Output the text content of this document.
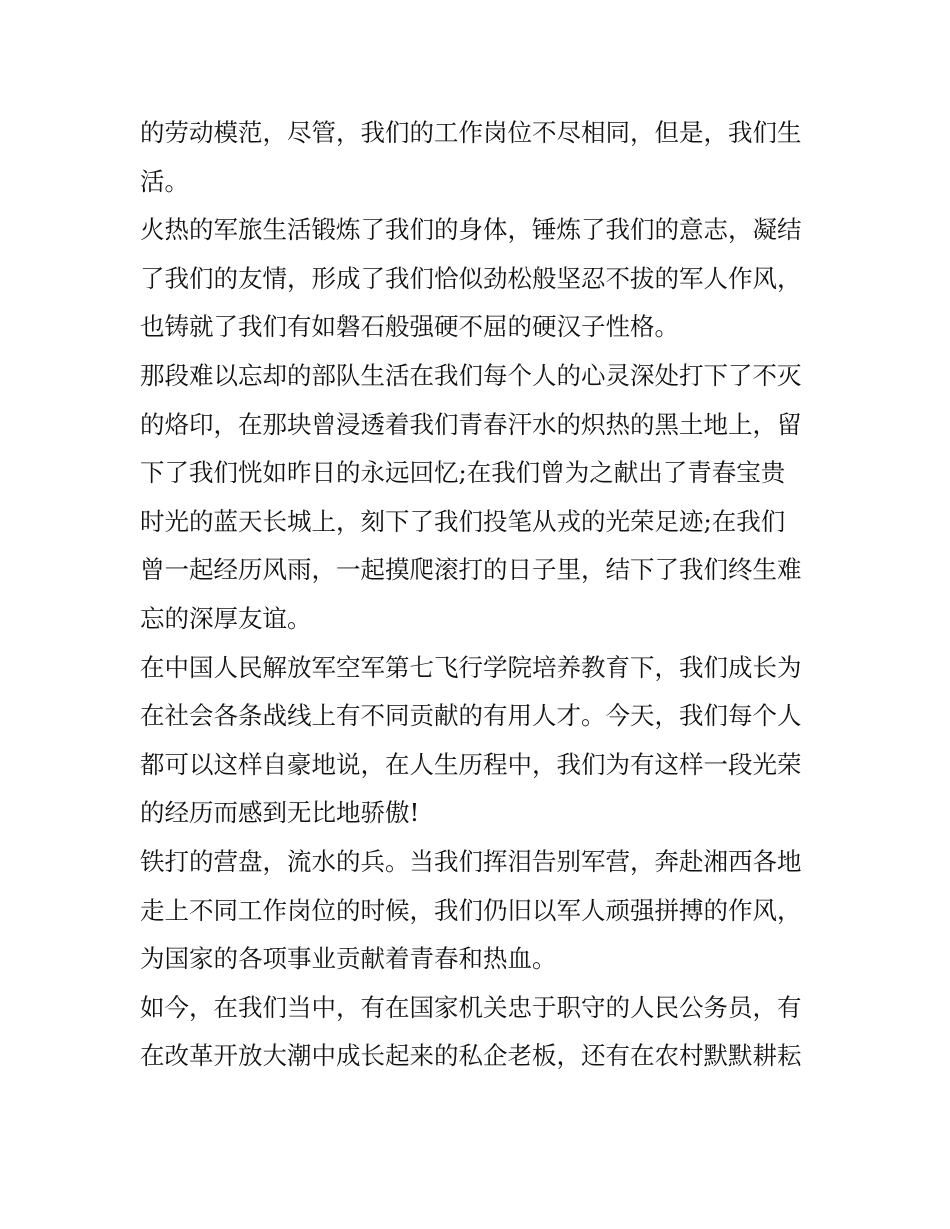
的劳动模范，尽管，我们的工作岗位不尽相同，但是，我们生
活。
火热的军旅生活锻炼了我们的身体，锤炼了我们的意志，凝结
了我们的友情，形成了我们恰似劲松般坚忍不拔的军人作风，
也铸就了我们有如磐石般强硬不屈的硬汉子性格。
那段难以忘却的部队生活在我们每个人的心灵深处打下了不灭
的烙印，在那块曾浸透着我们青春汗水的炽热的黑土地上，留
下了我们恍如昨日的永远回忆;在我们曾为之献出了青春宝贵
时光的蓝天长城上，刻下了我们投笔从戎的光荣足迹;在我们
曾一起经历风雨，一起摸爬滚打的日子里，结下了我们终生难
忘的深厚友谊。
在中国人民解放军空军第七飞行学院培养教育下，我们成长为
在社会各条战线上有不同贡献的有用人才。今天，我们每个人
都可以这样自豪地说，在人生历程中，我们为有这样一段光荣
的经历而感到无比地骄傲!
铁打的营盘，流水的兵。当我们挥泪告别军营，奔赴湘西各地
走上不同工作岗位的时候，我们仍旧以军人顽强拼搏的作风，
为国家的各项事业贡献着青春和热血。
如今，在我们当中，有在国家机关忠于职守的人民公务员，有
在改革开放大潮中成长起来的私企老板，还有在农村默默耕耘
